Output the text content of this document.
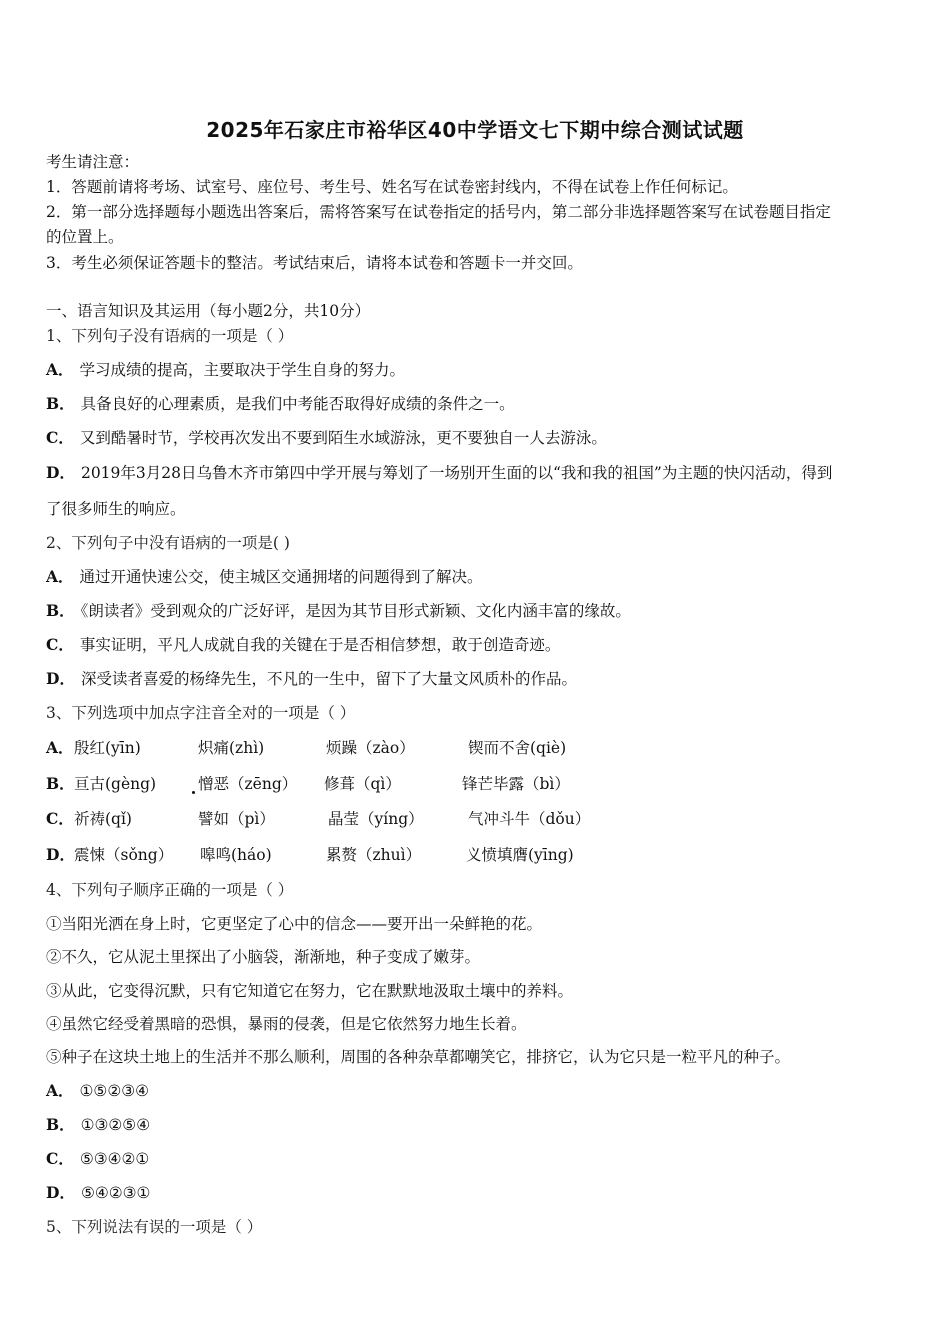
2025年石家庄市裕华区40中学语文七下期中综合测试试题
考生请注意：
1．答题前请将考场、试室号、座位号、考生号、姓名写在试卷密封线内，不得在试卷上作任何标记。
2．第一部分选择题每小题选出答案后，需将答案写在试卷指定的括号内，第二部分非选择题答案写在试卷题目指定
的位置上。
3．考生必须保证答题卡的整洁。考试结束后，请将本试卷和答题卡一并交回。
一、语言知识及其运用（每小题2分，共10分）
1、下列句子没有语病的一项是（ ）
A． 学习成绩的提高，主要取决于学生自身的努力。
B． 具备良好的心理素质，是我们中考能否取得好成绩的条件之一。
C． 又到酷暑时节，学校再次发出不要到陌生水域游泳，更不要独自一人去游泳。
D． 2019年3月28日乌鲁木齐市第四中学开展与筹划了一场别开生面的以“我和我的祖国”为主题的快闪活动，得到
了很多师生的响应。
2、下列句子中没有语病的一项是( )
A． 通过开通快速公交，使主城区交通拥堵的问题得到了解决。
B． 《朗读者》受到观众的广泛好评，是因为其节目形式新颖、文化内涵丰富的缘故。
C． 事实证明，平凡人成就自我的关键在于是否相信梦想，敢于创造奇迹。
D． 深受读者喜爱的杨绛先生，不凡的一生中，留下了大量文风质朴的作品。
3、下列选项中加点字注音全对的一项是（ ）
A． 殷红(yīn)	炽痛(zhì)	烦躁（zào）	锲而不舍(qiè)
B． 亘古(gèng)	憎恶（zēng） 修葺（qì）	锋芒毕露（bì）
C． 祈祷(qǐ)	譬如（pì）	晶莹（yíng）	气冲斗牛（dǒu）
D． 震悚（sǒng） 嗥鸣(háo)	累赘（zhuì）	义愤填膺(yīng)
4、下列句子顺序正确的一项是（ ）
①当阳光洒在身上时，它更坚定了心中的信念——要开出一朵鲜艳的花。
②不久，它从泥土里探出了小脑袋，渐渐地，种子变成了嫩芽。
③从此，它变得沉默，只有它知道它在努力，它在默默地汲取土壤中的养料。
④虽然它经受着黑暗的恐惧，暴雨的侵袭，但是它依然努力地生长着。
⑤种子在这块土地上的生活并不那么顺利，周围的各种杂草都嘲笑它，排挤它，认为它只是一粒平凡的种子。
A． ①⑤②③④
B． ①③②⑤④
C． ⑤③④②①
D． ⑤④②③①
5、下列说法有误的一项是（ ）
